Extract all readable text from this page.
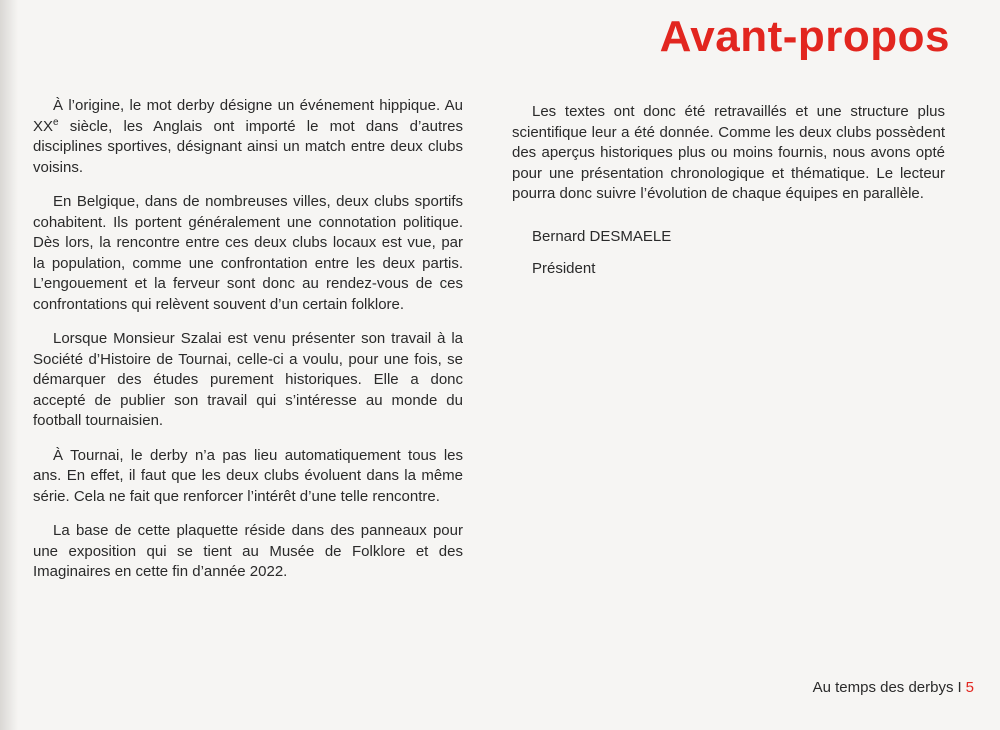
Avant-propos

À l’origine, le mot derby désigne un événement hippique. Au XXe siècle, les Anglais ont importé le mot dans d’autres disciplines sportives, désignant ainsi un match entre deux clubs voisins.

En Belgique, dans de nombreuses villes, deux clubs sportifs cohabitent. Ils portent généralement une connotation politique. Dès lors, la rencontre entre ces deux clubs locaux est vue, par la population, comme une confrontation entre les deux partis. L’engouement et la ferveur sont donc au rendez-vous de ces confrontations qui relèvent souvent d’un certain folklore.

Lorsque Monsieur Szalai est venu présenter son travail à la Société d’Histoire de Tournai, celle-ci a voulu, pour une fois, se démarquer des études purement historiques. Elle a donc accepté de publier son travail qui s’intéresse au monde du football tournaisien.

À Tournai, le derby n’a pas lieu automatiquement tous les ans. En effet, il faut que les deux clubs évoluent dans la même série. Cela ne fait que renforcer l’intérêt d’une telle rencontre.

La base de cette plaquette réside dans des panneaux pour une exposition qui se tient au Musée de Folklore et des Imaginaires en cette fin d’année 2022.

Les textes ont donc été retravaillés et une structure plus scientifique leur a été donnée. Comme les deux clubs possèdent des aperçus historiques plus ou moins fournis, nous avons opté pour une présentation chronologique et thématique. Le lecteur pourra donc suivre l’évolution de chaque équipes en parallèle.

Bernard DESMAELE
Président
Au temps des derbys I 5
